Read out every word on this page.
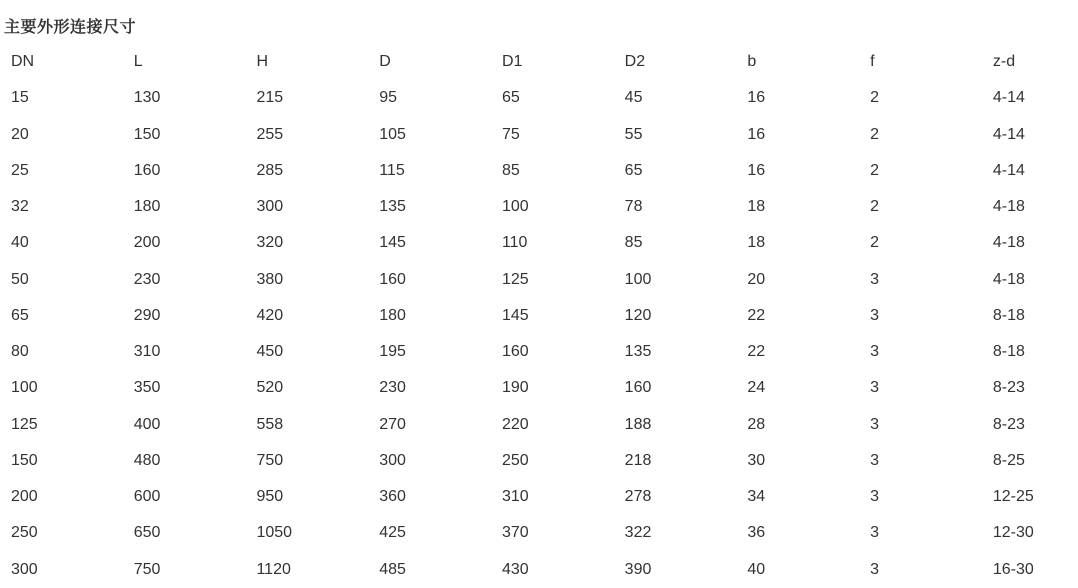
主要外形连接尺寸
DN	L	H	D	D1	D2	b	f	z-d
15	130	215	95	65	45	16	2	4-14
20	150	255	105	75	55	16	2	4-14
25	160	285	115	85	65	16	2	4-14
32	180	300	135	100	78	18	2	4-18
40	200	320	145	110	85	18	2	4-18
50	230	380	160	125	100	20	3	4-18
65	290	420	180	145	120	22	3	8-18
80	310	450	195	160	135	22	3	8-18
100	350	520	230	190	160	24	3	8-23
125	400	558	270	220	188	28	3	8-23
150	480	750	300	250	218	30	3	8-25
200	600	950	360	310	278	34	3	12-25
250	650	1050	425	370	322	36	3	12-30
300	750	1120	485	430	390	40	3	16-30
